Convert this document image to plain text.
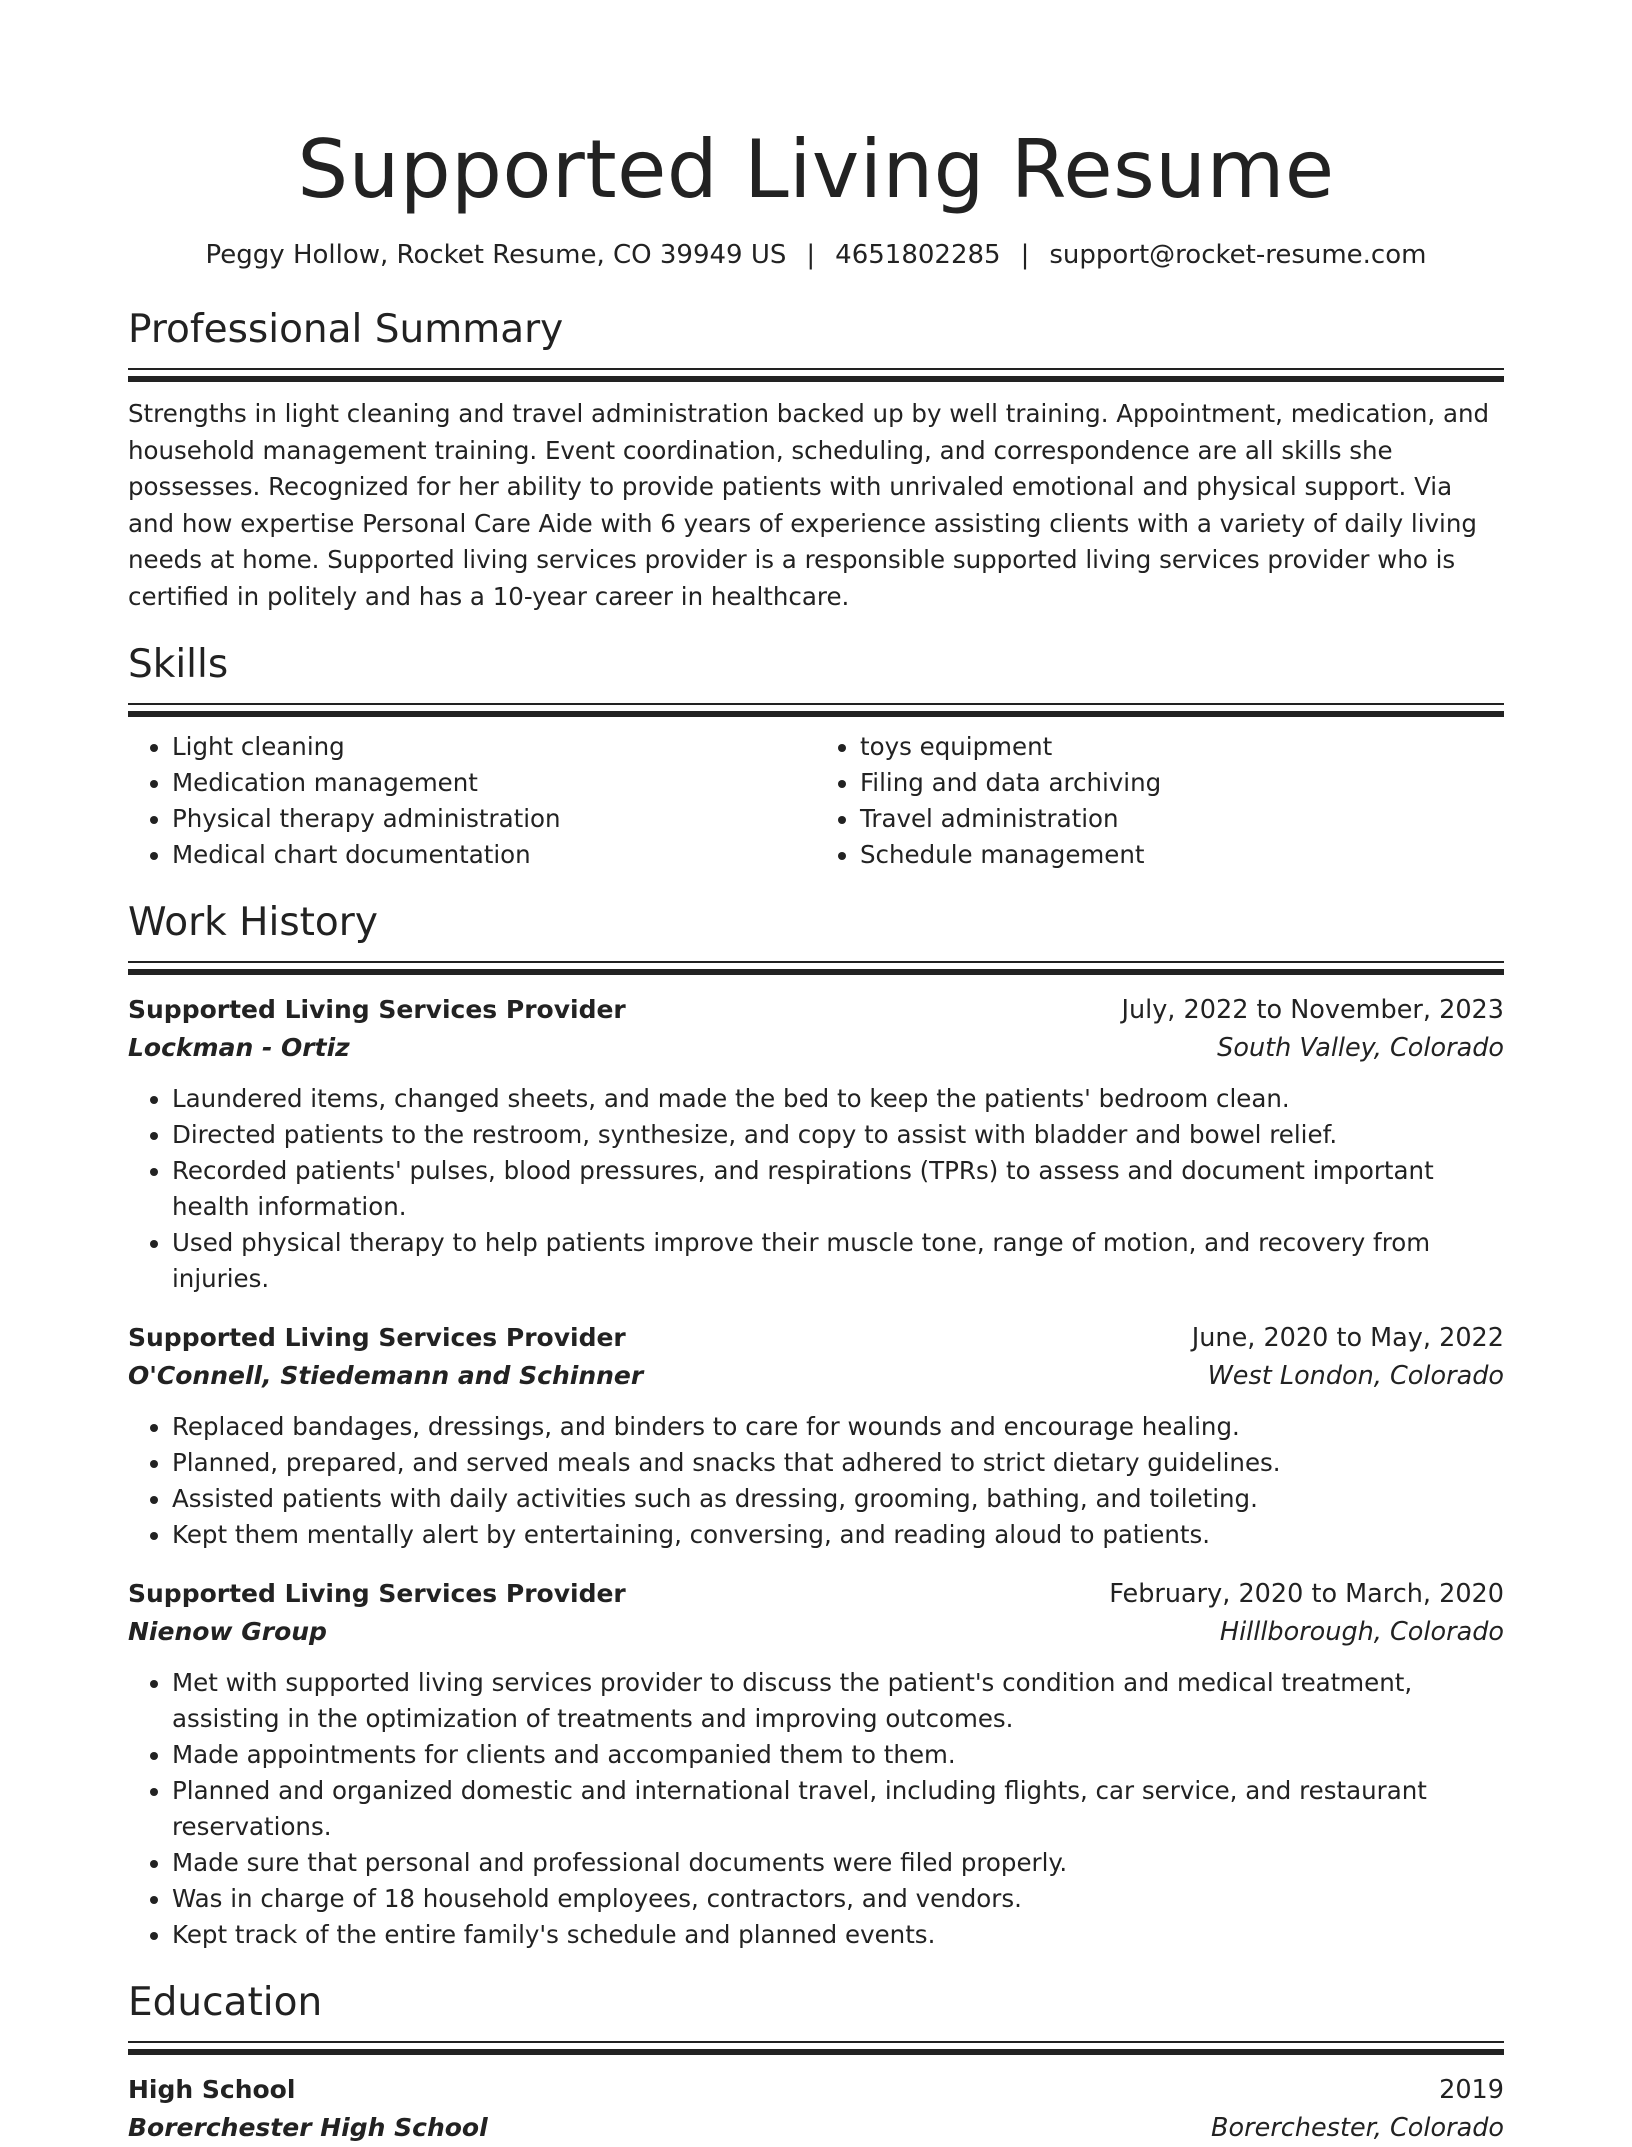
Supported Living Resume
Peggy Hollow, Rocket Resume, CO 39949 US | 4651802285 | support@rocket-resume.com
Professional Summary

Strengths in light cleaning and travel administration backed up by well training. Appointment, medication, and household management training. Event coordination, scheduling, and correspondence are all skills she possesses. Recognized for her ability to provide patients with unrivaled emotional and physical support. Via and how expertise Personal Care Aide with 6 years of experience assisting clients with a variety of daily living needs at home. Supported living services provider is a responsible supported living services provider who is certified in politely and has a 10-year career in healthcare.

Skills
• Light cleaning
• Medication management
• Physical therapy administration
• Medical chart documentation
• toys equipment
• Filing and data archiving
• Travel administration
• Schedule management
Work History
Supported Living Services Provider	July, 2022 to November, 2023
Lockman - Ortiz	South Valley, Colorado
• Laundered items, changed sheets, and made the bed to keep the patients' bedroom clean.
• Directed patients to the restroom, synthesize, and copy to assist with bladder and bowel relief.
• Recorded patients' pulses, blood pressures, and respirations (TPRs) to assess and document important health information.
• Used physical therapy to help patients improve their muscle tone, range of motion, and recovery from injuries.
Supported Living Services Provider	June, 2020 to May, 2022
O'Connell, Stiedemann and Schinner	West London, Colorado
• Replaced bandages, dressings, and binders to care for wounds and encourage healing.
• Planned, prepared, and served meals and snacks that adhered to strict dietary guidelines.
• Assisted patients with daily activities such as dressing, grooming, bathing, and toileting.
• Kept them mentally alert by entertaining, conversing, and reading aloud to patients.
Supported Living Services Provider	February, 2020 to March, 2020
Nienow Group	Hilllborough, Colorado
• Met with supported living services provider to discuss the patient's condition and medical treatment, assisting in the optimization of treatments and improving outcomes.
• Made appointments for clients and accompanied them to them.
• Planned and organized domestic and international travel, including flights, car service, and restaurant reservations.
• Made sure that personal and professional documents were filed properly.
• Was in charge of 18 household employees, contractors, and vendors.
• Kept track of the entire family's schedule and planned events.
Education
High School	2019
Borerchester High School	Borerchester, Colorado
